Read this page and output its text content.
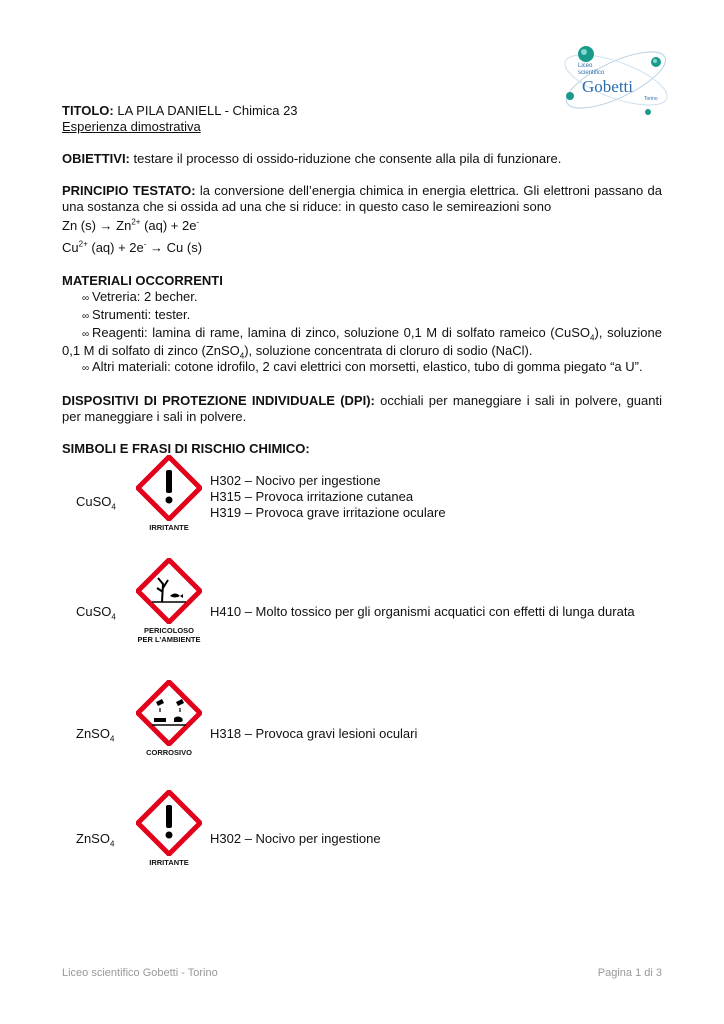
Liceo
scientifico
Gobetti
Torino

TITOLO: LA PILA DANIELL - Chimica 23

Esperienza dimostrativa

OBIETTIVI: testare il processo di ossido-riduzione che consente alla pila di funzionare.

PRINCIPIO TESTATO: la conversione dell’energia chimica in energia elettrica. Gli elettroni passano da una sostanza che si ossida ad una che si riduce: in questo caso le semireazioni sono

Zn $(s) \to Zn^{2+}$ (aq) + 2e-

$Cu^{2+}$ (aq) + 2e- → Cu (s)

MATERIALI OCCORRENTI

∞ Vetreria: 2 becher.
∞ Strumenti: tester.
∞ Reagenti: lamina di rame, lamina di zinco, soluzione 0,1 M di solfato rameico (CuSO$_4$), soluzione 0,1 M di solfato di zinco (ZnSO$_4$), soluzione concentrata di cloruro di sodio (NaCl).
∞ Altri materiali: cotone idrofilo, 2 cavi elettrici con morsetti, elastico, tubo di gomma piegato “a U”.

DISPOSITIVI DI PROTEZIONE INDIVIDUALE (DPI): occhiali per maneggiare i sali in polvere, guanti per maneggiare i sali in polvere.

SIMBOLI E FRASI DI RISCHIO CHIMICO:

CuSO$_4$
IRRITANTE
H302 – Nocivo per ingestione
H315 – Provoca irritazione cutanea
H319 – Provoca grave irritazione oculare
CuSO$_4$
PERICOLOSO
PER L’AMBIENTE
H410 – Molto tossico per gli organismi acquatici con effetti di lunga durata
ZnSO$_4$
CORROSIVO
H318 – Provoca gravi lesioni oculari
ZnSO$_4$
IRRITANTE
H302 – Nocivo per ingestione
Liceo scientifico Gobetti - Torino	Pagina 1 di 3
